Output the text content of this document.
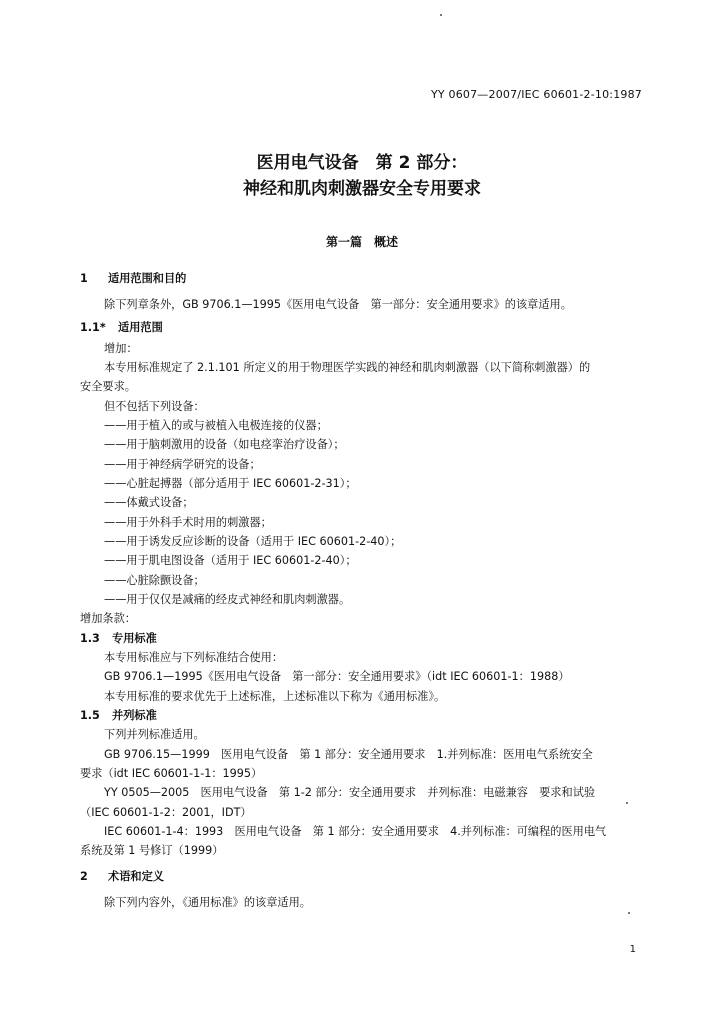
YY 0607—2007/IEC 60601-2-10:1987
医用电气设备　第 2 部分：
神经和肌肉刺激器安全专用要求
第一篇　概述
1 适用范围和目的
除下列章条外，GB 9706.1—1995《医用电气设备　第一部分：安全通用要求》的该章适用。
1.1* 适用范围
增加：
本专用标准规定了 2.1.101 所定义的用于物理医学实践的神经和肌肉刺激器（以下简称刺激器）的
安全要求。
但不包括下列设备：
——用于植入的或与被植入电极连接的仪器；
——用于脑刺激用的设备（如电痉挛治疗设备）；
——用于神经病学研究的设备；
——心脏起搏器（部分适用于 IEC 60601-2-31）；
——体戴式设备；
——用于外科手术时用的刺激器；
——用于诱发反应诊断的设备（适用于 IEC 60601-2-40）；
——用于肌电图设备（适用于 IEC 60601-2-40）；
——心脏除颤设备；
——用于仅仅是减痛的经皮式神经和肌肉刺激器。
增加条款：
1.3 专用标准
本专用标准应与下列标准结合使用：
GB 9706.1—1995《医用电气设备　第一部分：安全通用要求》（idt IEC 60601-1：1988）
本专用标准的要求优先于上述标准，上述标准以下称为《通用标准》。
1.5 并列标准
下列并列标准适用。
GB 9706.15—1999　医用电气设备　第 1 部分：安全通用要求　1.并列标准：医用电气系统安全
要求（idt IEC 60601-1-1：1995）
YY 0505—2005　医用电气设备　第 1-2 部分：安全通用要求　并列标准：电磁兼容　要求和试验
（IEC 60601-1-2：2001，IDT）
IEC 60601-1-4：1993　医用电气设备　第 1 部分：安全通用要求　4.并列标准：可编程的医用电气
系统及第 1 号修订（1999）
2 术语和定义
除下列内容外，《通用标准》的该章适用。
1
